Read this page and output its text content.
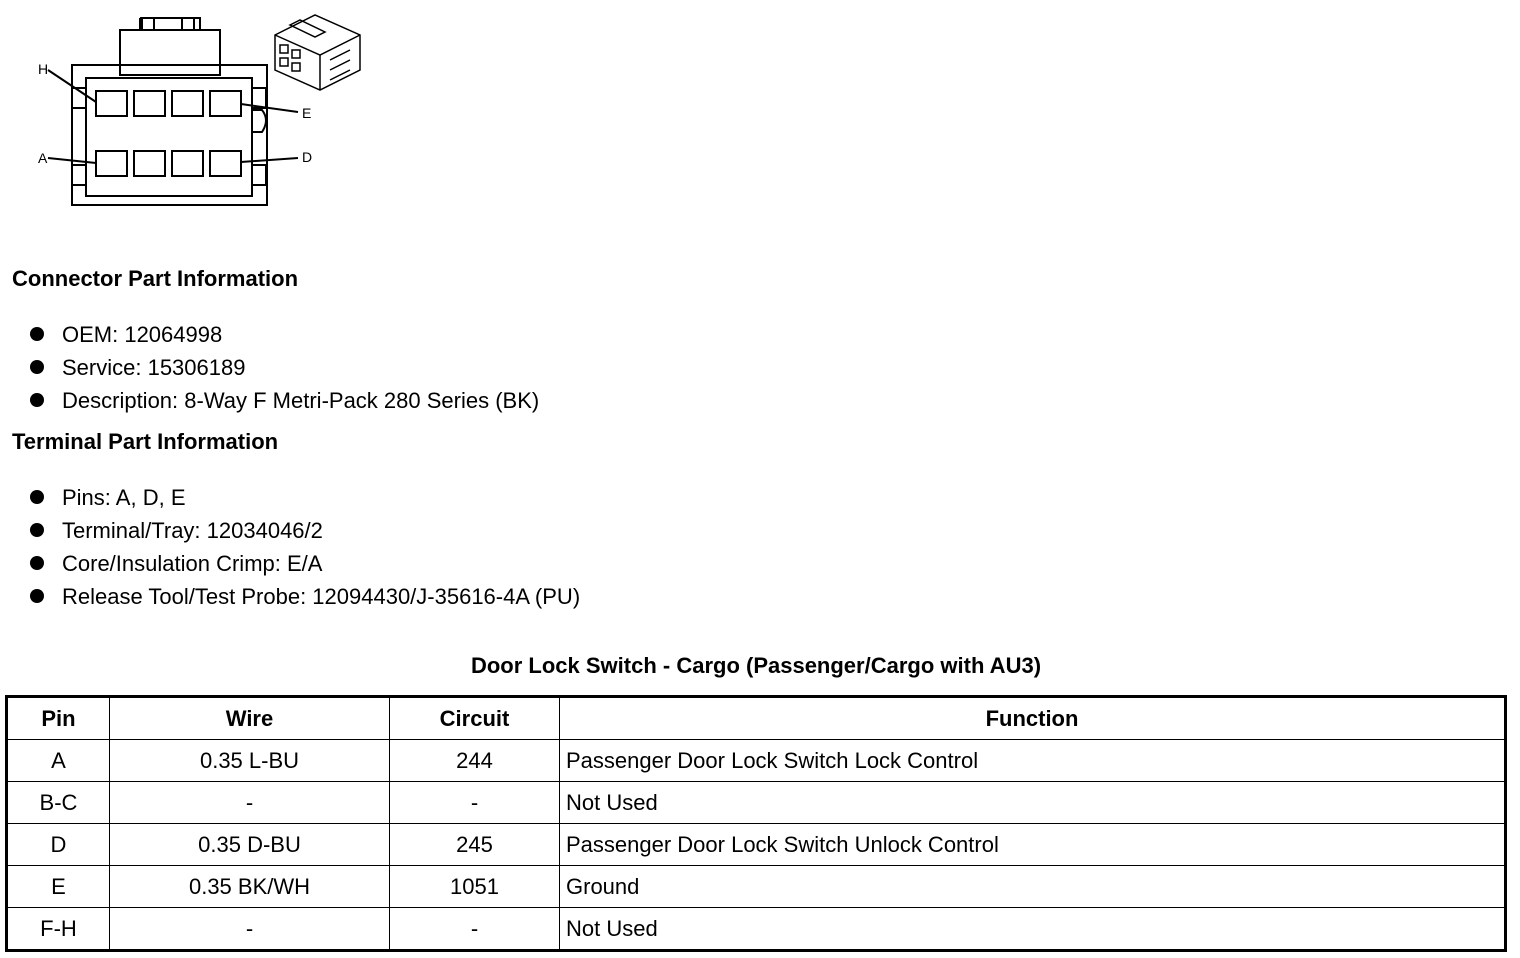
H
E
A	D
Connector Part Information
OEM: 12064998
Service: 15306189
Description: 8-Way F Metri-Pack 280 Series (BK)
Terminal Part Information
Pins: A, D, E
Terminal/Tray: 12034046/2
Core/Insulation Crimp: E/A
Release Tool/Test Probe: 12094430/J-35616-4A (PU)
Door Lock Switch - Cargo (Passenger/Cargo with AU3)
Pin	Wire	Circuit	Function
A	0.35 L-BU	244	Passenger Door Lock Switch Lock Control
B-C	-	-	Not Used
D	0.35 D-BU	245	Passenger Door Lock Switch Unlock Control
E	0.35 BK/WH	1051	Ground
F-H	-	-	Not Used
